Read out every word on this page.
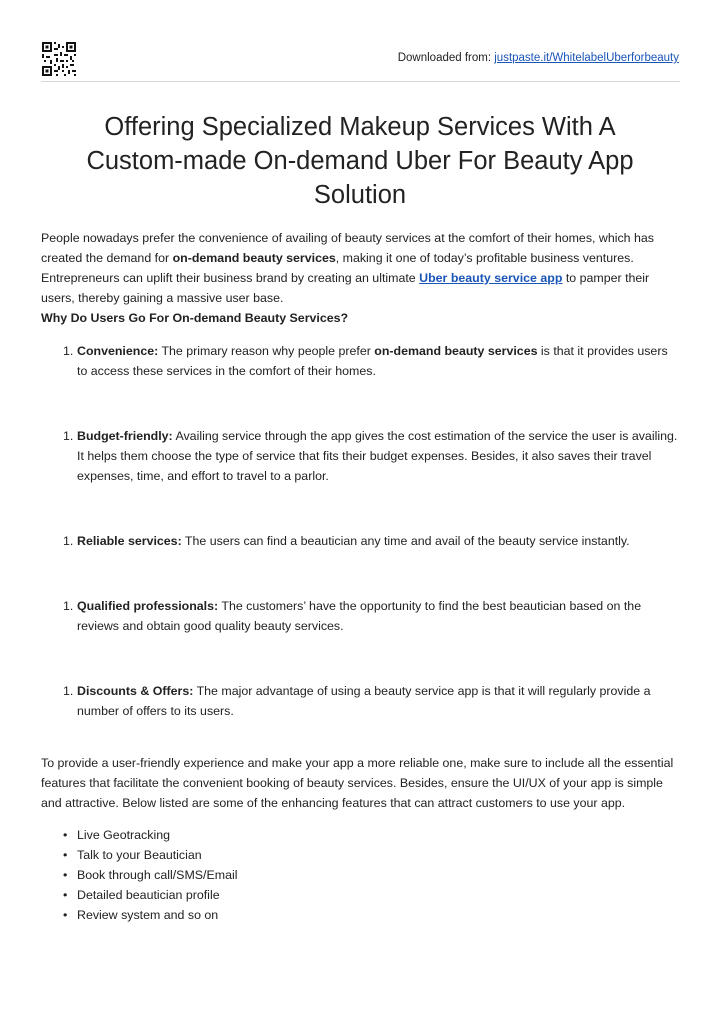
Downloaded from: justpaste.it/WhitelabelUberforbeauty
Offering Specialized Makeup Services With A Custom-made On-demand Uber For Beauty App Solution

People nowadays prefer the convenience of availing of beauty services at the comfort of their homes, which has created the demand for on-demand beauty services, making it one of today’s profitable business ventures. Entrepreneurs can uplift their business brand by creating an ultimate Uber beauty service app to pamper their users, thereby gaining a massive user base.

Why Do Users Go For On-demand Beauty Services?

1. Convenience: The primary reason why people prefer on-demand beauty services is that it provides users to access these services in the comfort of their homes.
1. Budget-friendly: Availing service through the app gives the cost estimation of the service the user is availing. It helps them choose the type of service that fits their budget expenses. Besides, it also saves their travel expenses, time, and effort to travel to a parlor.
1. Reliable services: The users can find a beautician any time and avail of the beauty service instantly.
1. Qualified professionals: The customers’ have the opportunity to find the best beautician based on the reviews and obtain good quality beauty services.
1. Discounts & Offers: The major advantage of using a beauty service app is that it will regularly provide a number of offers to its users.

To provide a user-friendly experience and make your app a more reliable one, make sure to include all the essential features that facilitate the convenient booking of beauty services. Besides, ensure the UI/UX of your app is simple and attractive. Below listed are some of the enhancing features that can attract customers to use your app.

• Live Geotracking
• Talk to your Beautician
• Book through call/SMS/Email
• Detailed beautician profile
• Review system and so on
